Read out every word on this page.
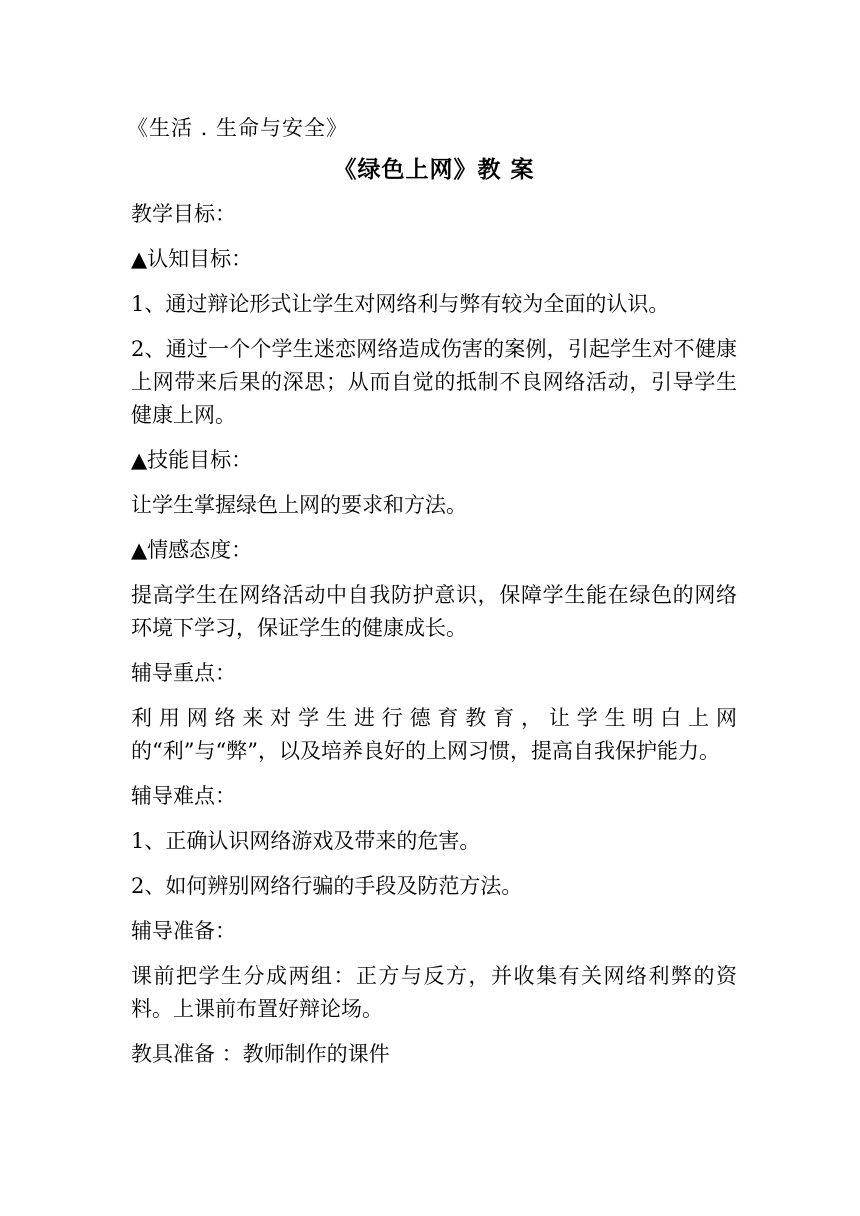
《生活 . 生命与安全》

《绿色上网》教 案

教学目标：

▲认知目标：

1、通过辩论形式让学生对网络利与弊有较为全面的认识。

2、通过一个个学生迷恋网络造成伤害的案例，引起学生对不健康上网带来后果的深思；从而自觉的抵制不良网络活动，引导学生健康上网。

▲技能目标：

让学生掌握绿色上网的要求和方法。

▲情感态度：

提高学生在网络活动中自我防护意识，保障学生能在绿色的网络环境下学习，保证学生的健康成长。

辅导重点：

利用网络来对学生进行德育教育，让学生明白上网的“利”与“弊”，以及培养良好的上网习惯，提高自我保护能力。

辅导难点：

1、正确认识网络游戏及带来的危害。

2、如何辨别网络行骗的手段及防范方法。

辅导准备：

课前把学生分成两组：正方与反方，并收集有关网络利弊的资料。上课前布置好辩论场。

教具准备 ：教师制作的课件
